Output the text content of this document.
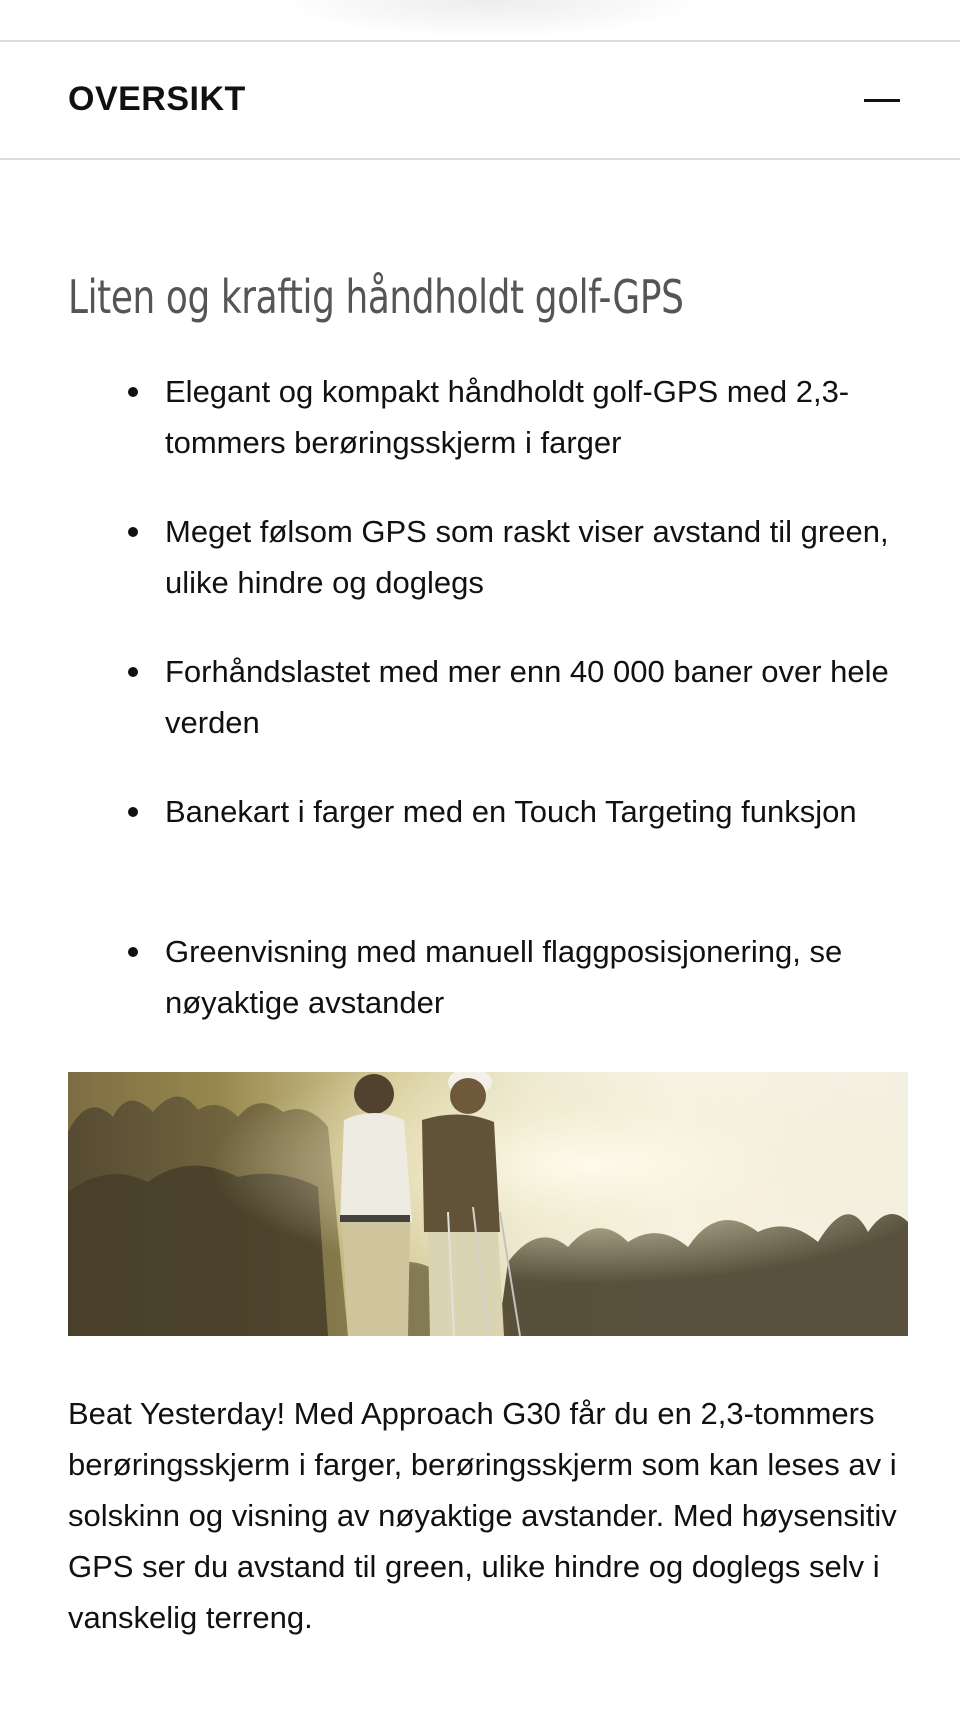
OVERSIKT
Liten og kraftig håndholdt golf-GPS
Elegant og kompakt håndholdt golf-GPS med 2,3-tommers berøringsskjerm i farger
Meget følsom GPS som raskt viser avstand til green, ulike hindre og doglegs
Forhåndslastet med mer enn 40 000 baner over hele verden
Banekart i farger med en Touch Targeting funksjon
Greenvisning med manuell flaggposisjonering, se nøyaktige avstander

Beat Yesterday! Med Approach G30 får du en 2,3-tommers berøringsskjerm i farger, berøringsskjerm som kan leses av i solskinn og visning av nøyaktige avstander. Med høysensitiv GPS ser du avstand til green, ulike hindre og doglegs selv i vanskelig terreng.
